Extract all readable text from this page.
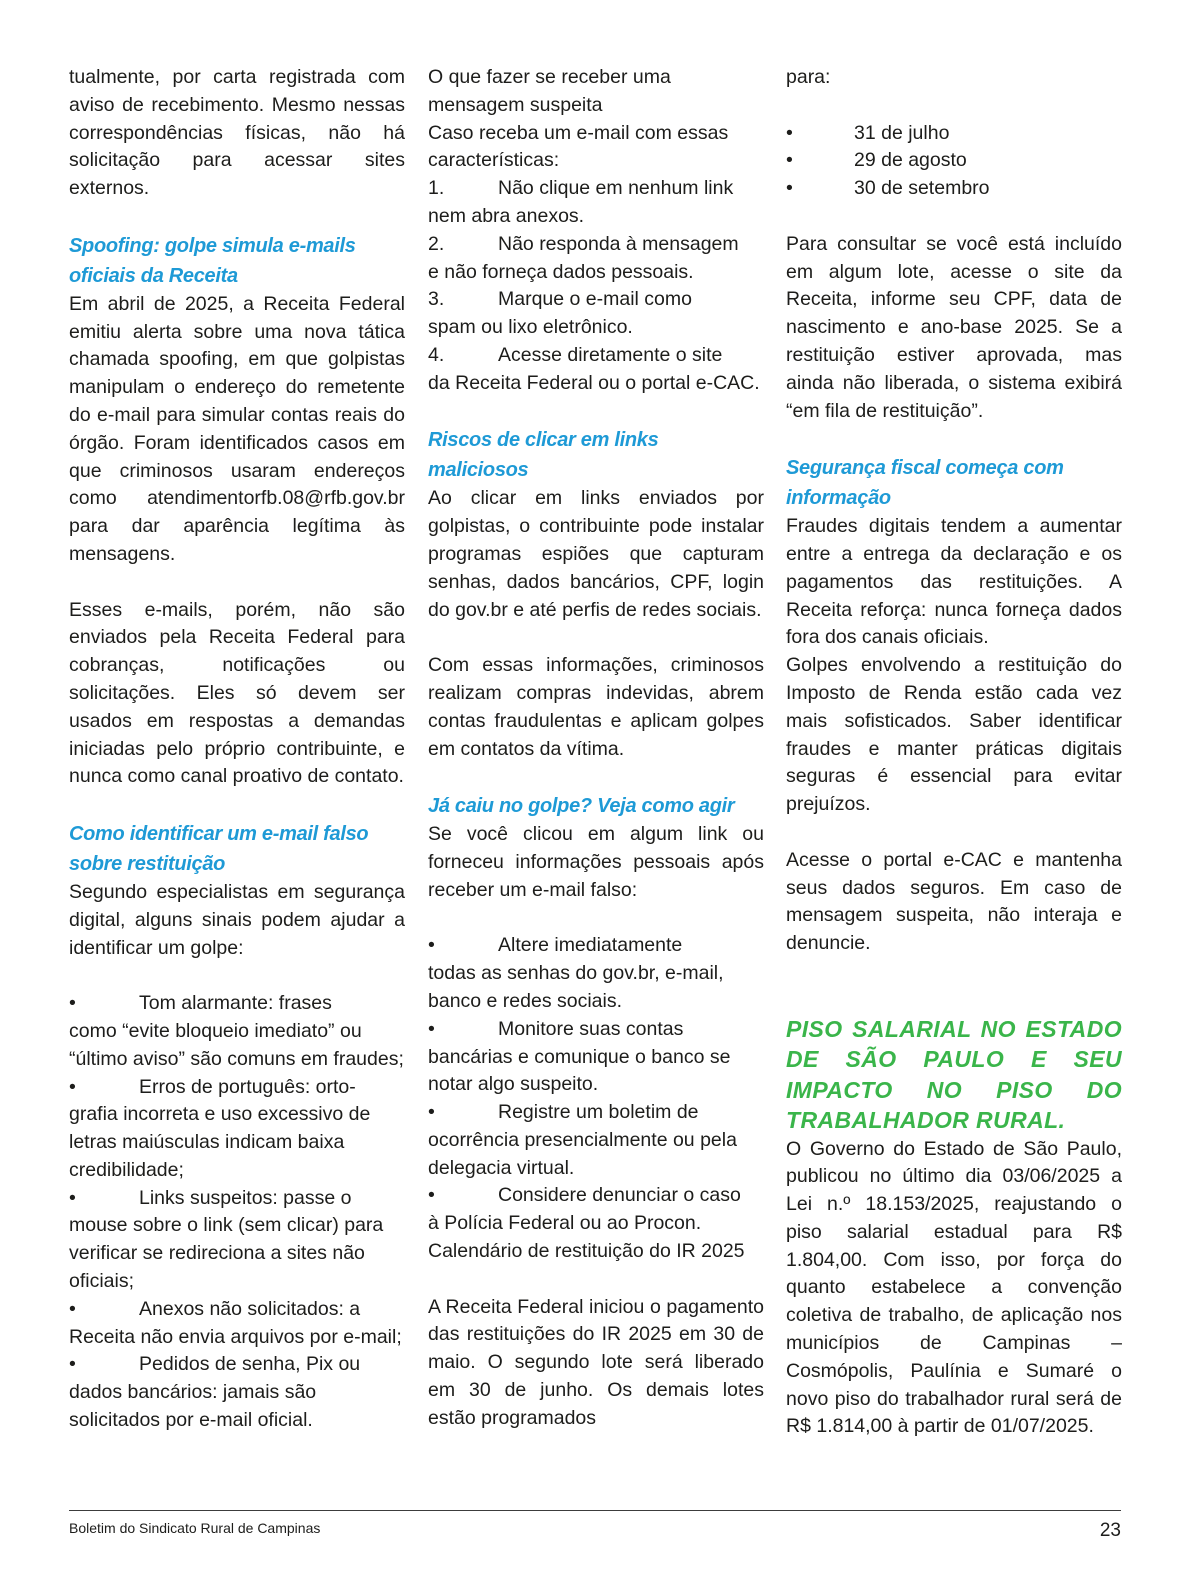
tualmente, por carta registrada com aviso de recebimento. Mesmo nessas correspondências físicas, não há solicitação para acessar sites externos.

Spoofing: golpe simula e-mails oficiais da Receita

Em abril de 2025, a Receita Federal emitiu alerta sobre uma nova tática chamada spoofing, em que golpistas manipulam o endereço do remetente do e-mail para simular contas reais do órgão. Foram identificados casos em que criminosos usaram endereços como atendimentorfb.08@rfb.gov.br para dar aparência legítima às mensagens.

Esses e-mails, porém, não são enviados pela Receita Federal para cobranças, notificações ou solicitações. Eles só devem ser usados em respostas a demandas iniciadas pelo próprio contribuinte, e nunca como canal proativo de contato.

Como identificar um e-mail falso sobre restituição

Segundo especialistas em segurança digital, alguns sinais podem ajudar a identificar um golpe:

•	Tom alarmante: frases
como “evite bloqueio imediato” ou “último aviso” são comuns em fraudes;
•	Erros de português: orto-
grafia incorreta e uso excessivo de letras maiúsculas indicam baixa credibilidade;
•	Links suspeitos: passe o
mouse sobre o link (sem clicar) para verificar se redireciona a sites não oficiais;
•	Anexos não solicitados: a
Receita não envia arquivos por e-mail;
•	Pedidos de senha, Pix ou
dados bancários: jamais são solicitados por e-mail oficial.

O que fazer se receber uma mensagem suspeita

Caso receba um e-mail com essas características:

1.	Não clique em nenhum link
nem abra anexos.
2.	Não responda à mensagem
e não forneça dados pessoais.
3.	Marque o e-mail como
spam ou lixo eletrônico.
4.	Acesse diretamente o site
da Receita Federal ou o portal e-CAC.

Riscos de clicar em links maliciosos

Ao clicar em links enviados por golpistas, o contribuinte pode instalar programas espiões que capturam senhas, dados bancários, CPF, login do gov.br e até perfis de redes sociais.

Com essas informações, criminosos realizam compras indevidas, abrem contas fraudulentas e aplicam golpes em contatos da vítima.

Já caiu no golpe? Veja como agir

Se você clicou em algum link ou forneceu informações pessoais após receber um e-mail falso:

•	Altere imediatamente
todas as senhas do gov.br, e-mail, banco e redes sociais.
•	Monitore suas contas
bancárias e comunique o banco se notar algo suspeito.
•	Registre um boletim de
ocorrência presencialmente ou pela delegacia virtual.
•	Considere denunciar o caso
à Polícia Federal ou ao Procon.

Calendário de restituição do IR 2025

A Receita Federal iniciou o pagamento das restituições do IR 2025 em 30 de maio. O segundo lote será liberado em 30 de junho. Os demais lotes estão programados

para:

•	31 de julho
•	29 de agosto
•	30 de setembro

Para consultar se você está incluído em algum lote, acesse o site da Receita, informe seu CPF, data de nascimento e ano-base 2025. Se a restituição estiver aprovada, mas ainda não liberada, o sistema exibirá “em fila de restituição”.

Segurança fiscal começa com informação

Fraudes digitais tendem a aumentar entre a entrega da declaração e os pagamentos das restituições. A Receita reforça: nunca forneça dados fora dos canais oficiais.

Golpes envolvendo a restituição do Imposto de Renda estão cada vez mais sofisticados. Saber identificar fraudes e manter práticas digitais seguras é essencial para evitar prejuízos.

Acesse o portal e-CAC e mantenha seus dados seguros. Em caso de mensagem suspeita, não interaja e denuncie.

PISO SALARIAL NO ESTADO DE SÃO PAULO E SEU IMPACTO NO PISO DO TRABALHADOR RURAL.

O Governo do Estado de São Paulo, publicou no último dia 03/06/2025 a Lei n.º 18.153/2025, reajustando o piso salarial estadual para R$ 1.804,00. Com isso, por força do quanto estabelece a convenção coletiva de trabalho, de aplicação nos municípios de Campinas – Cosmópolis, Paulínia e Sumaré o novo piso do trabalhador rural será de R$ 1.814,00 à partir de 01/07/2025.

Boletim do Sindicato Rural de Campinas	23
